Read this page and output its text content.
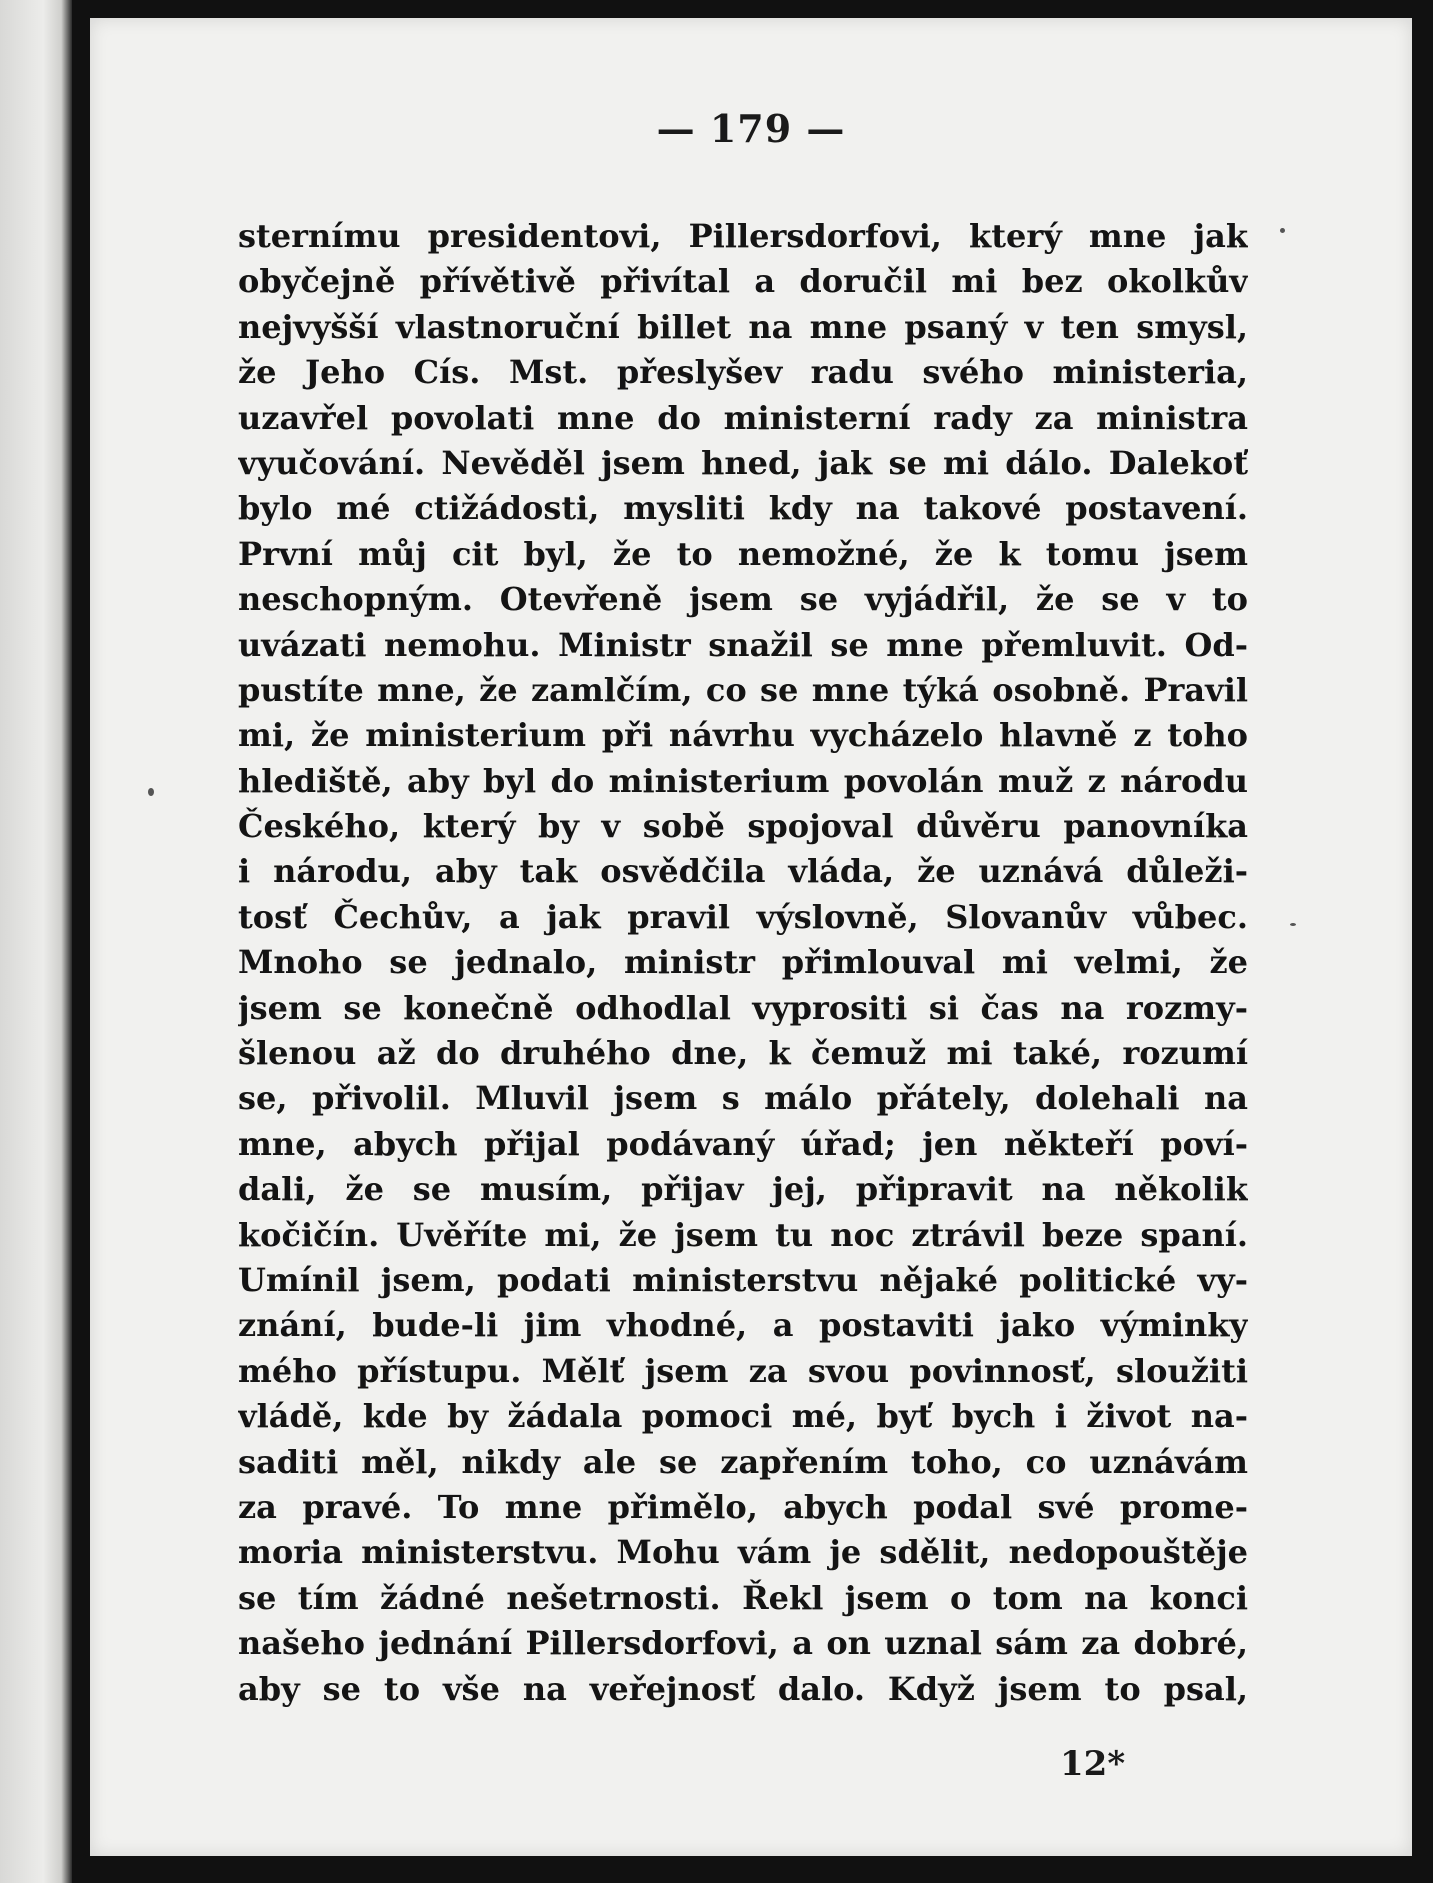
— 179 —
sternímu presidentovi, Pillersdorfovi, který mne jak
obyčejně přívětivě přivítal a doručil mi bez okolkův
nejvyšší vlastnoruční billet na mne psaný v ten smysl,
že Jeho Cís. Mst. přeslyšev radu svého ministeria,
uzavřel povolati mne do ministerní rady za ministra
vyučování. Nevěděl jsem hned, jak se mi dálo. Dalekoť
bylo mé ctižádosti, mysliti kdy na takové postavení.
První můj cit byl, že to nemožné, že k tomu jsem
neschopným. Otevřeně jsem se vyjádřil, že se v to
uvázati nemohu. Ministr snažil se mne přemluvit. Od-
pustíte mne, že zamlčím, co se mne týká osobně. Pravil
mi, že ministerium při návrhu vycházelo hlavně z toho
hlediště, aby byl do ministerium povolán muž z národu
Českého, který by v sobě spojoval důvěru panovníka
i národu, aby tak osvědčila vláda, že uznává důleži-
tosť Čechův, a jak pravil výslovně, Slovanův vůbec.
Mnoho se jednalo, ministr přimlouval mi velmi, že
jsem se konečně odhodlal vyprositi si čas na rozmy-
šlenou až do druhého dne, k čemuž mi také, rozumí
se, přivolil. Mluvil jsem s málo přátely, dolehali na
mne, abych přijal podávaný úřad; jen někteří poví-
dali, že se musím, přijav jej, připravit na několik
kočičín. Uvěříte mi, že jsem tu noc ztrávil beze spaní.
Umínil jsem, podati ministerstvu nějaké politické vy-
znání, bude-li jim vhodné, a postaviti jako výminky
mého přístupu. Mělť jsem za svou povinnosť, sloužiti
vládě, kde by žádala pomoci mé, byť bych i život na-
saditi měl, nikdy ale se zapřením toho, co uznávám
za pravé. To mne přimělo, abych podal své prome-
moria ministerstvu. Mohu vám je sdělit, nedopouštěje
se tím žádné nešetrnosti. Řekl jsem o tom na konci
našeho jednání Pillersdorfovi, a on uznal sám za dobré,
aby se to vše na veřejnosť dalo. Když jsem to psal,
12*
